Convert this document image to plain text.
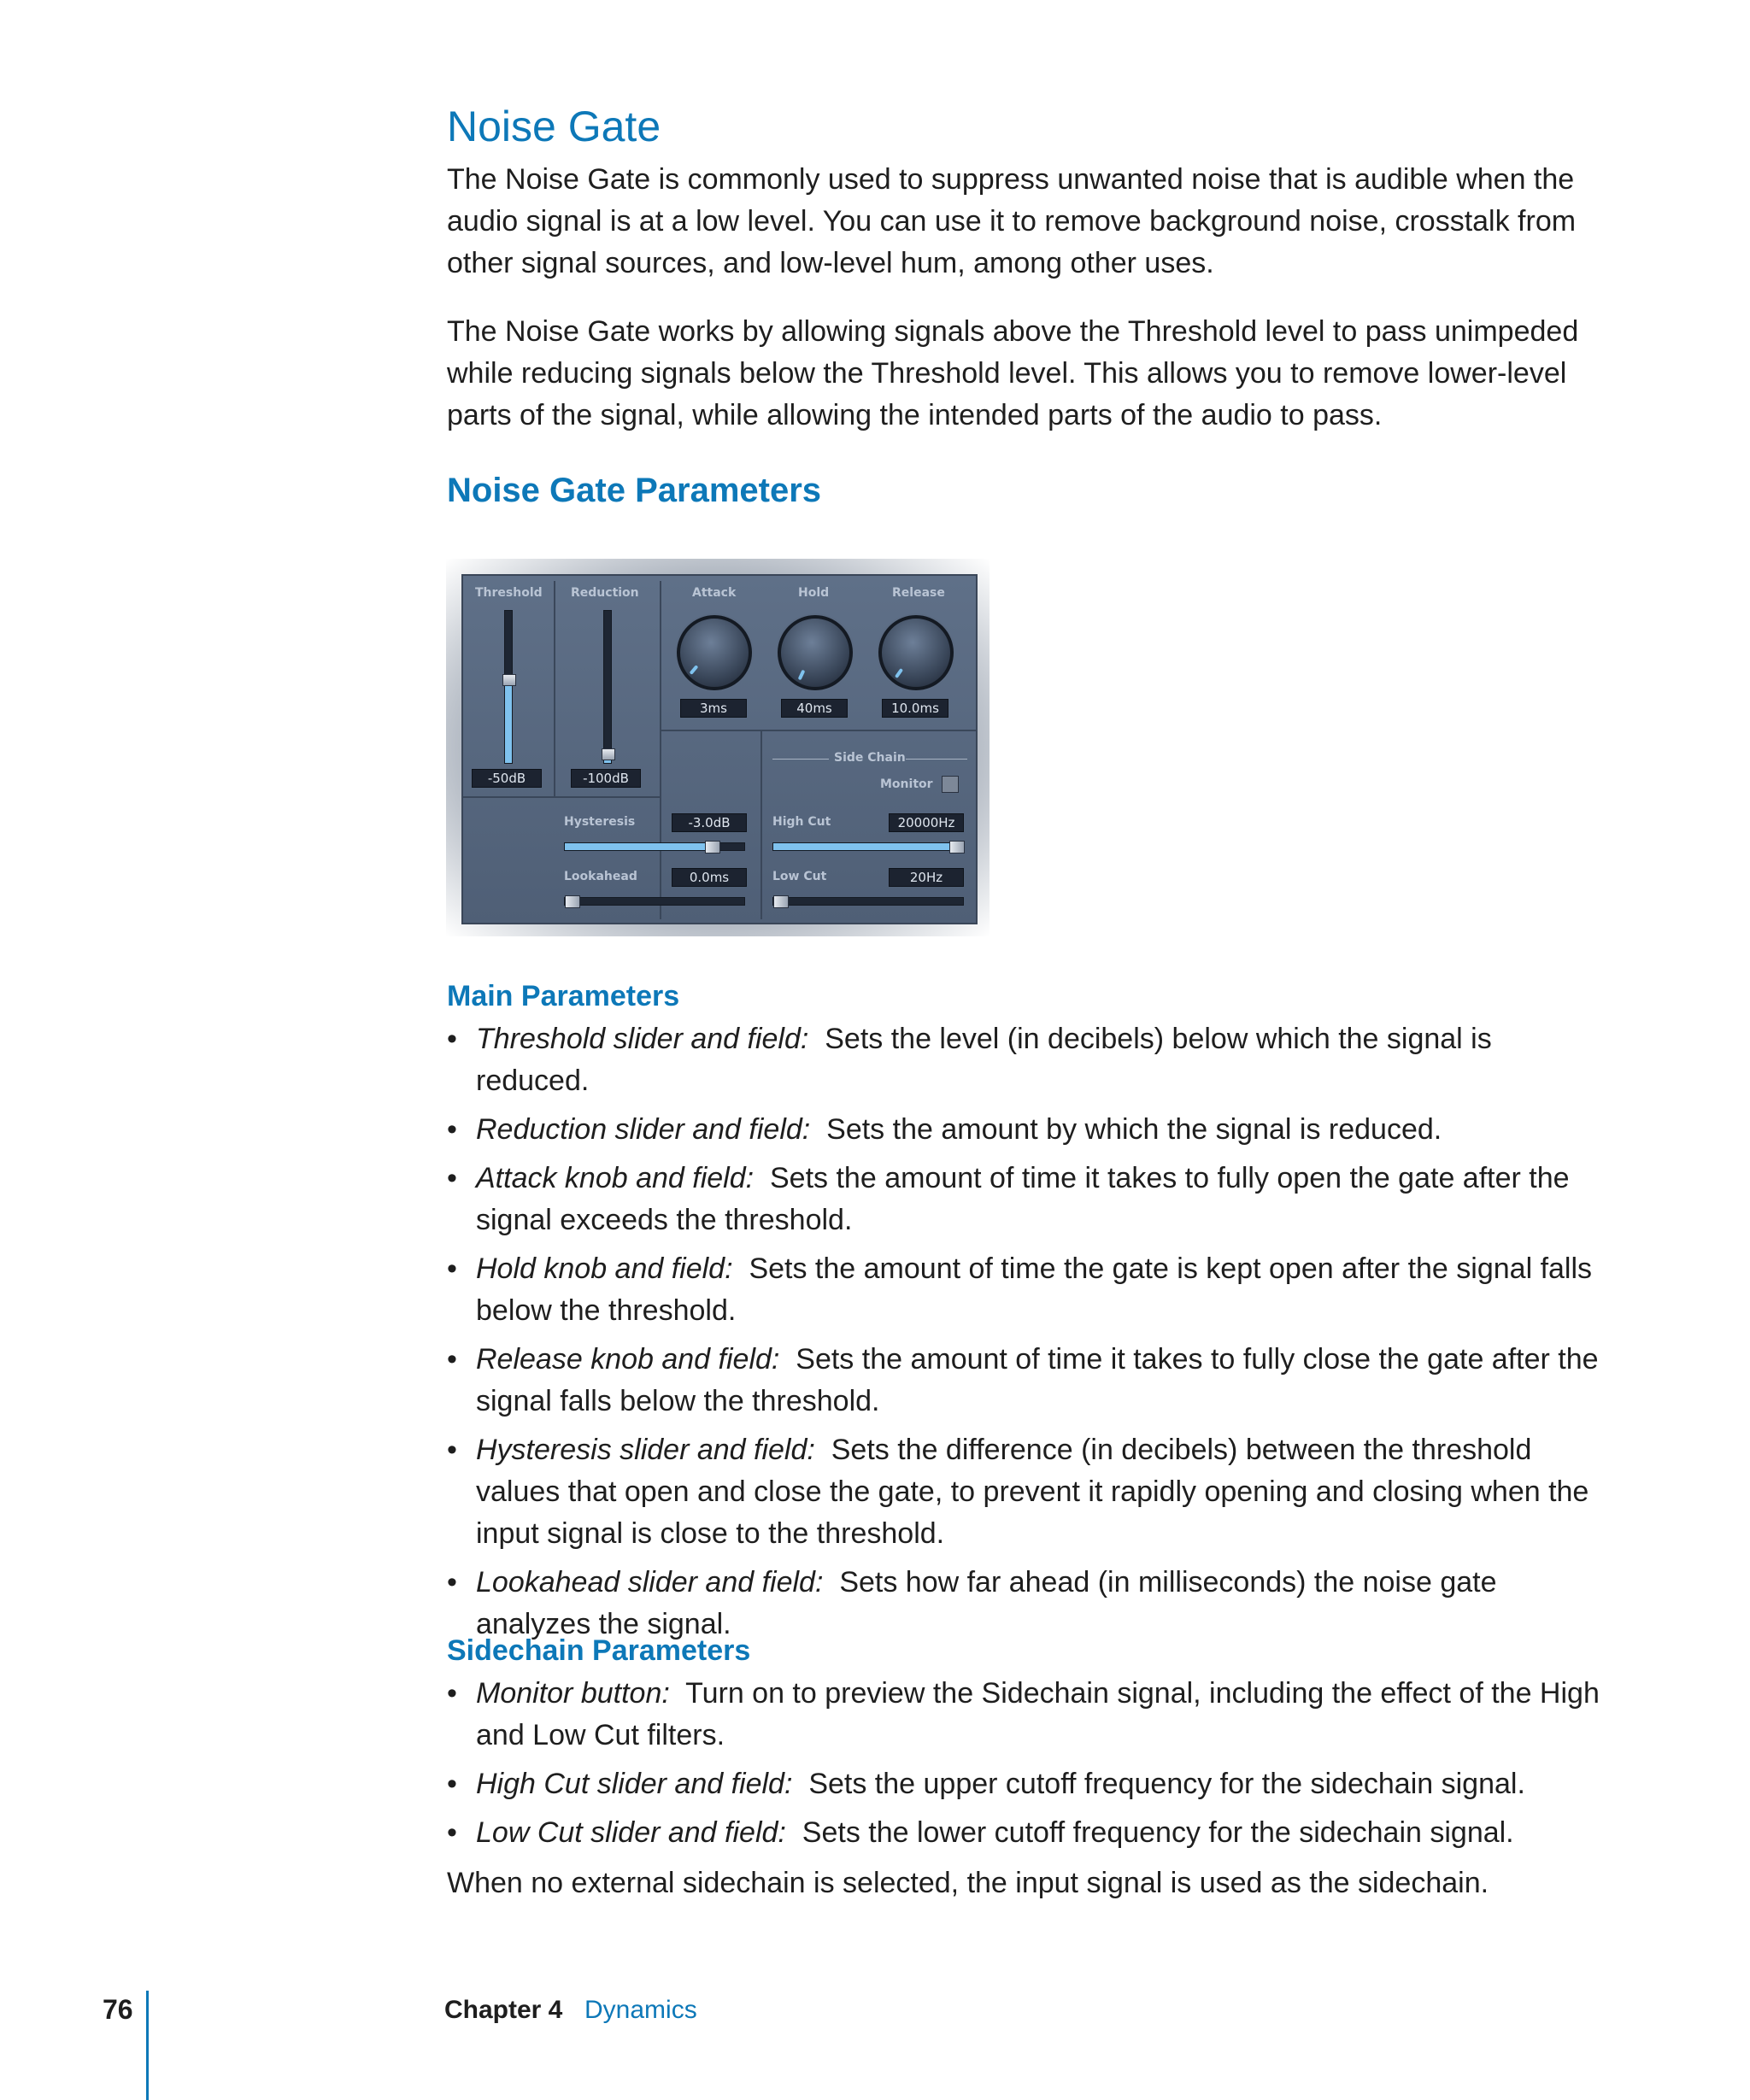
Noise Gate

The Noise Gate is commonly used to suppress unwanted noise that is audible when the audio signal is at a low level. You can use it to remove background noise, crosstalk from other signal sources, and low-level hum, among other uses.

The Noise Gate works by allowing signals above the Threshold level to pass unimpeded while reducing signals below the Threshold level. This allows you to remove lower-level parts of the signal, while allowing the intended parts of the audio to pass.

Noise Gate Parameters
Threshold
-50dB
Reduction
-100dB
Attack
3ms
Hold
40ms
Release
10.0ms
Side Chain
Monitor
Hysteresis	-3.0dB
Lookahead	0.0ms
High Cut	20000Hz
Low Cut	20Hz
Main Parameters
• Threshold slider and field: Sets the level (in decibels) below which the signal is reduced.
• Reduction slider and field: Sets the amount by which the signal is reduced.
• Attack knob and field: Sets the amount of time it takes to fully open the gate after the signal exceeds the threshold.
• Hold knob and field: Sets the amount of time the gate is kept open after the signal falls below the threshold.
• Release knob and field: Sets the amount of time it takes to fully close the gate after the signal falls below the threshold.
• Hysteresis slider and field: Sets the difference (in decibels) between the threshold values that open and close the gate, to prevent it rapidly opening and closing when the input signal is close to the threshold.
• Lookahead slider and field: Sets how far ahead (in milliseconds) the noise gate analyzes the signal.
Sidechain Parameters
• Monitor button: Turn on to preview the Sidechain signal, including the effect of the High and Low Cut filters.
• High Cut slider and field: Sets the upper cutoff frequency for the sidechain signal.
• Low Cut slider and field: Sets the lower cutoff frequency for the sidechain signal.

When no external sidechain is selected, the input signal is used as the sidechain.

76	Chapter 4 Dynamics
